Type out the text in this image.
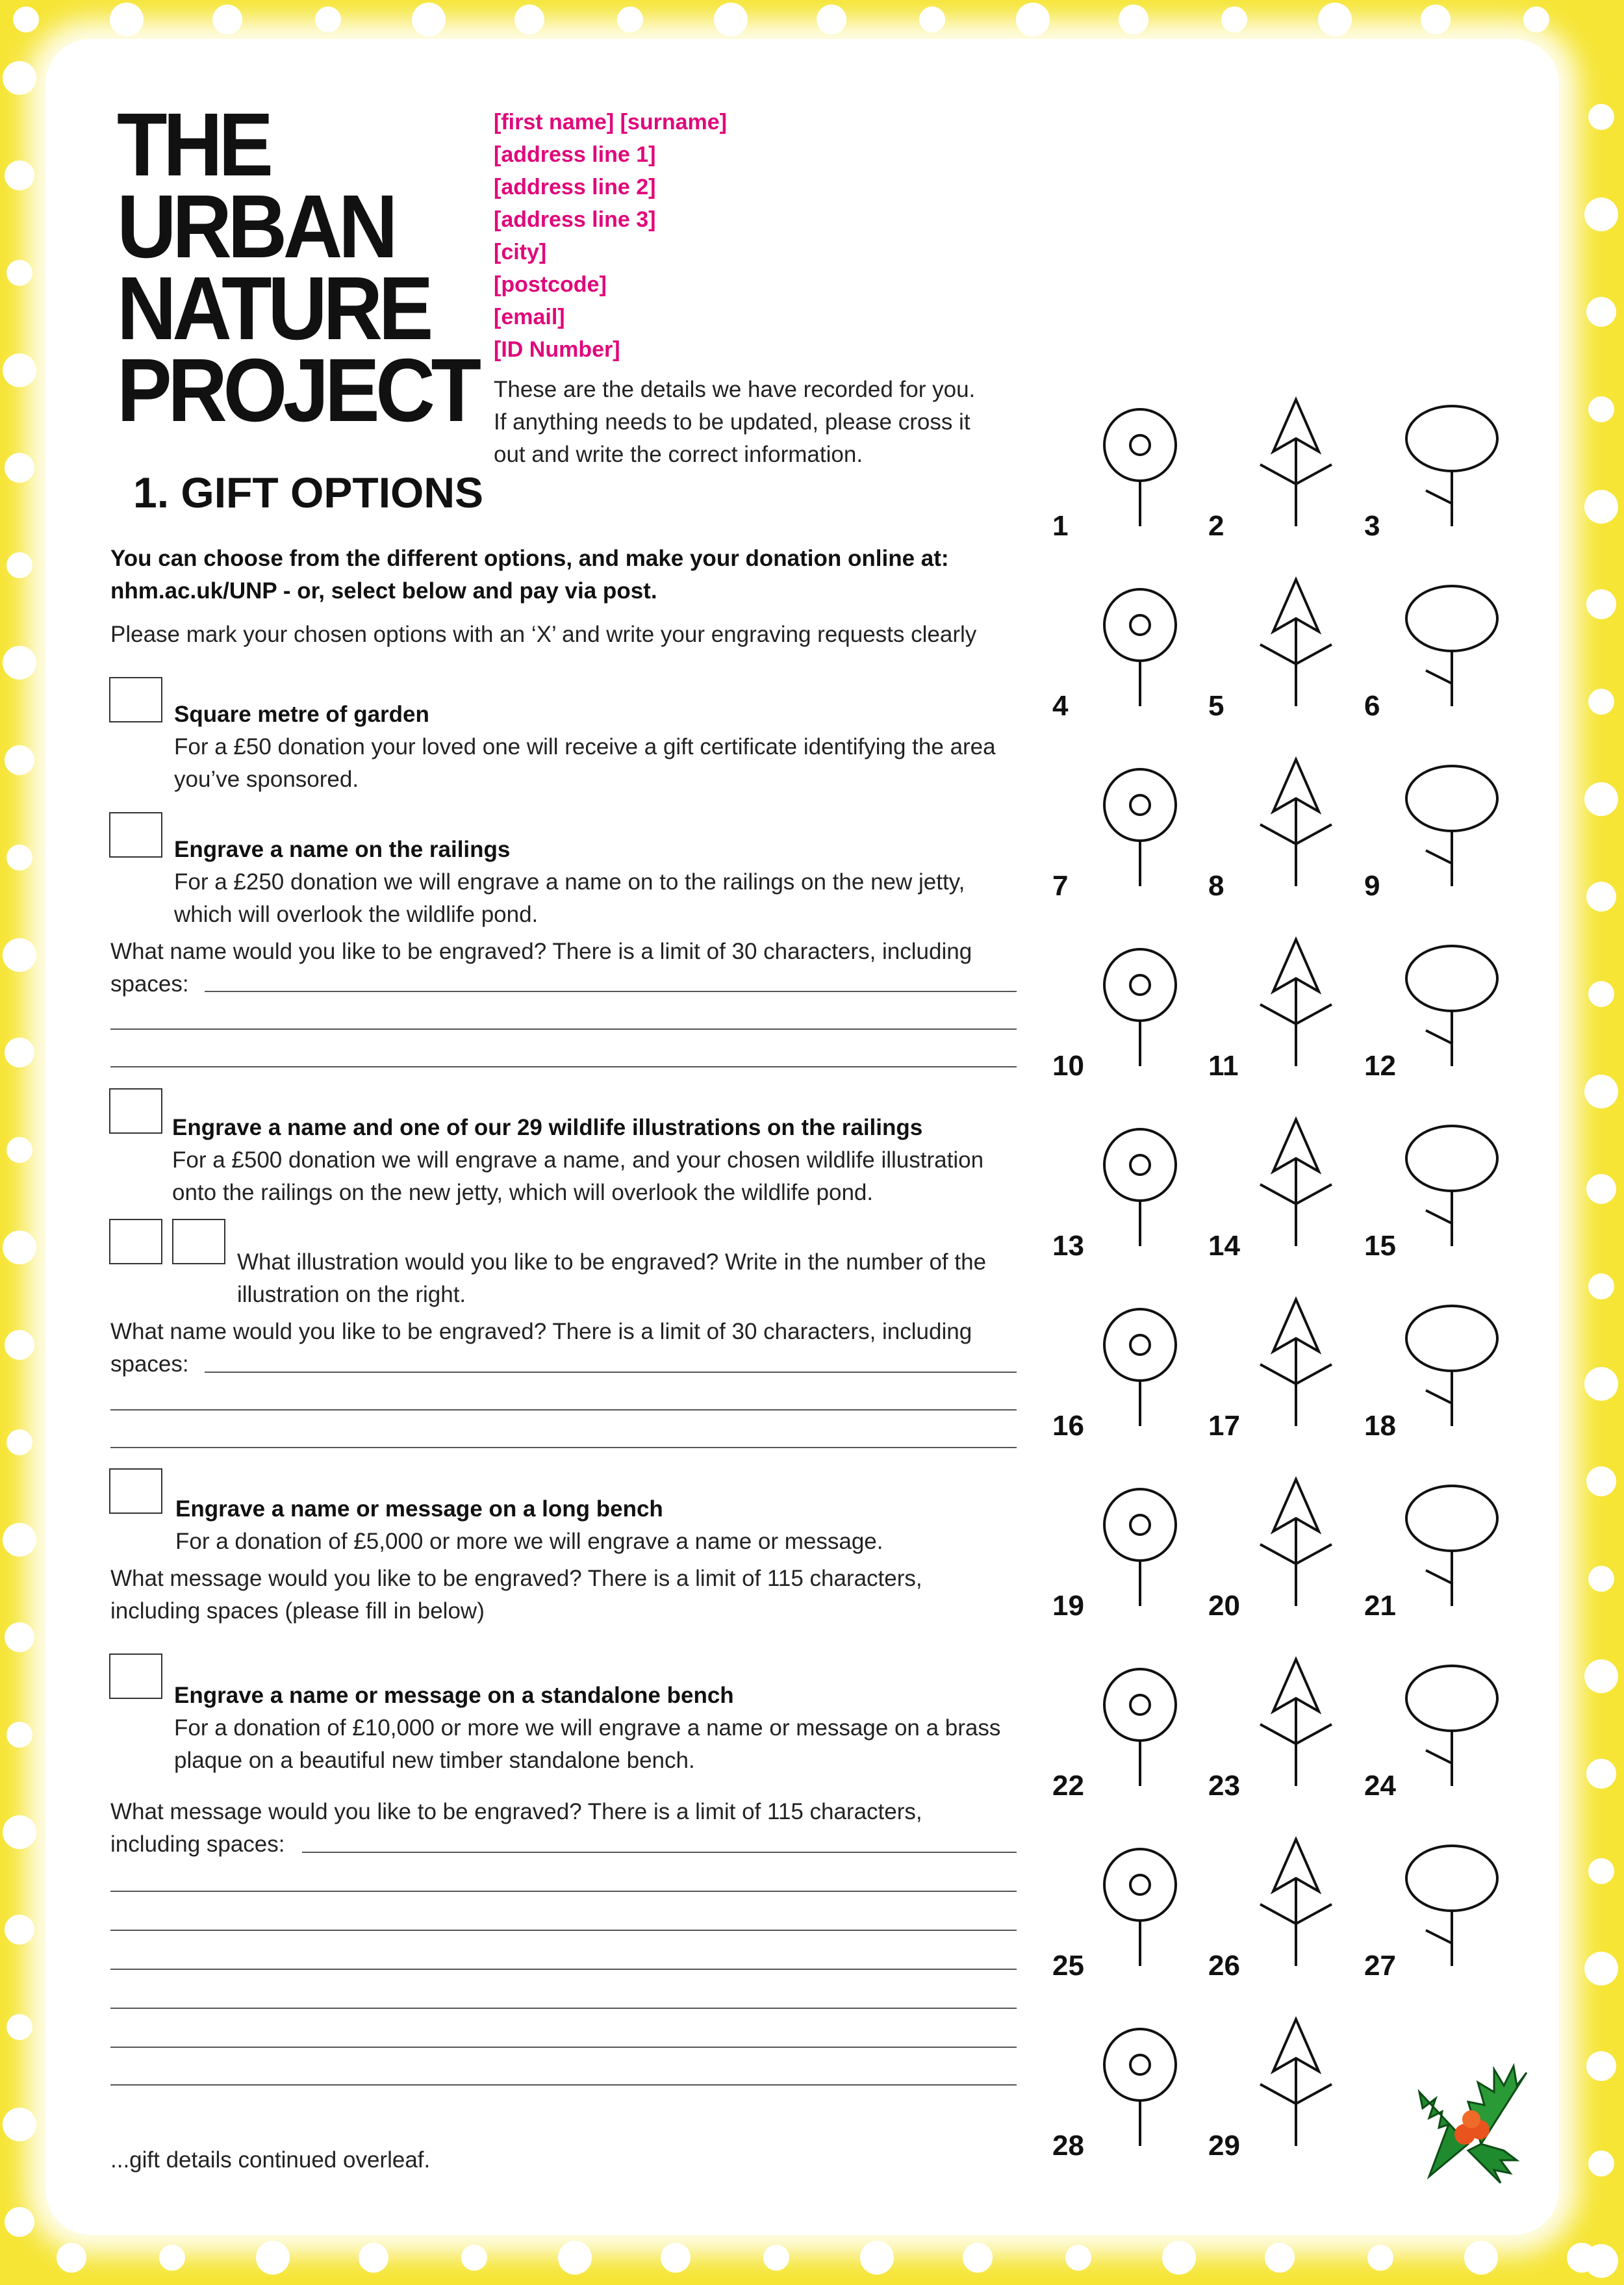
THE
URBAN
NATURE
PROJECT
[first name] [surname]
[address line 1]
[address line 2]
[address line 3]
[city]
[postcode]
[email]
[ID Number]
These are the details we have recorded for you.
If anything needs to be updated, please cross it
out and write the correct information.
1. GIFT OPTIONS
You can choose from the different options, and make your donation online at:
nhm.ac.uk/UNP - or, select below and pay via post.
Please mark your chosen options with an ‘X’ and write your engraving requests clearly
Square metre of garden
For a £50 donation your loved one will receive a gift certificate identifying the area
you’ve sponsored.
Engrave a name on the railings
For a £250 donation we will engrave a name on to the railings on the new jetty,
which will overlook the wildlife pond.
What name would you like to be engraved? There is a limit of 30 characters, including
spaces:
Engrave a name and one of our 29 wildlife illustrations on the railings
For a £500 donation we will engrave a name, and your chosen wildlife illustration
onto the railings on the new jetty, which will overlook the wildlife pond.
What illustration would you like to be engraved? Write in the number of the
illustration on the right.
What name would you like to be engraved? There is a limit of 30 characters, including
spaces:
Engrave a name or message on a long bench
For a donation of £5,000 or more we will engrave a name or message.
What message would you like to be engraved? There is a limit of 115 characters,
including spaces (please fill in below)
Engrave a name or message on a standalone bench
For a donation of £10,000 or more we will engrave a name or message on a brass
plaque on a beautiful new timber standalone bench.
What message would you like to be engraved? There is a limit of 115 characters,
including spaces:
...gift details continued overleaf.
1	2	3
4	5	6
7	8	9
10	11	12
13	14	15
16	17	18
19	20	21
22	23	24
25	26	27
28	29
